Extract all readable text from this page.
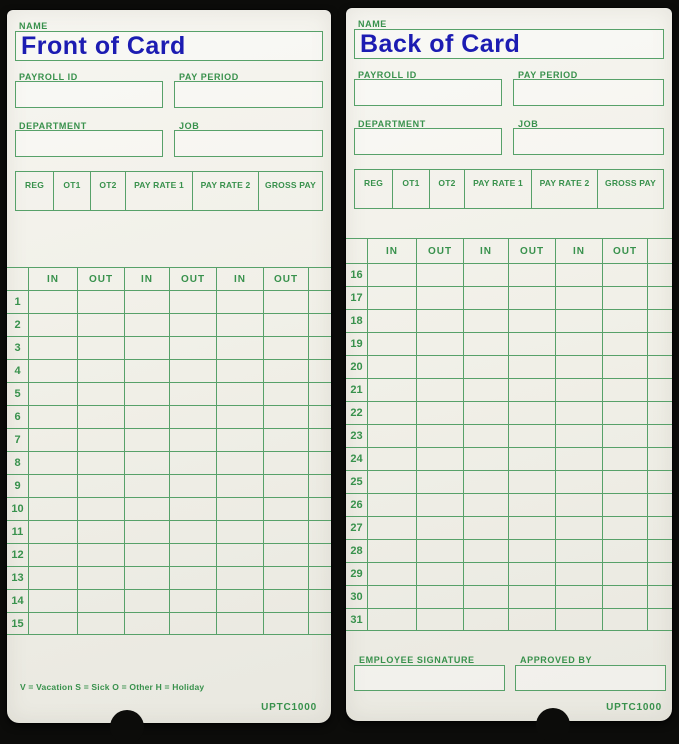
NAME
Front of Card
PAYROLL ID	PAY PERIOD
DEPARTMENT	JOB
REG	OT1	OT2	PAY RATE 1	PAY RATE 2	GROSS PAY
IN	OUT	IN	OUT	IN	OUT
1
2
3
4
5
6
7
8
9
10
11
12
13
14
15
V = Vacation S = Sick O = Other H = Holiday
UPTC1000
NAME
Back of Card
PAYROLL ID	PAY PERIOD
DEPARTMENT	JOB
REG	OT1	OT2	PAY RATE 1	PAY RATE 2	GROSS PAY
IN	OUT	IN	OUT	IN	OUT
16
17
18
19
20
21
22
23
24
25
26
27
28
29
30
31
EMPLOYEE SIGNATURE	APPROVED BY
UPTC1000
